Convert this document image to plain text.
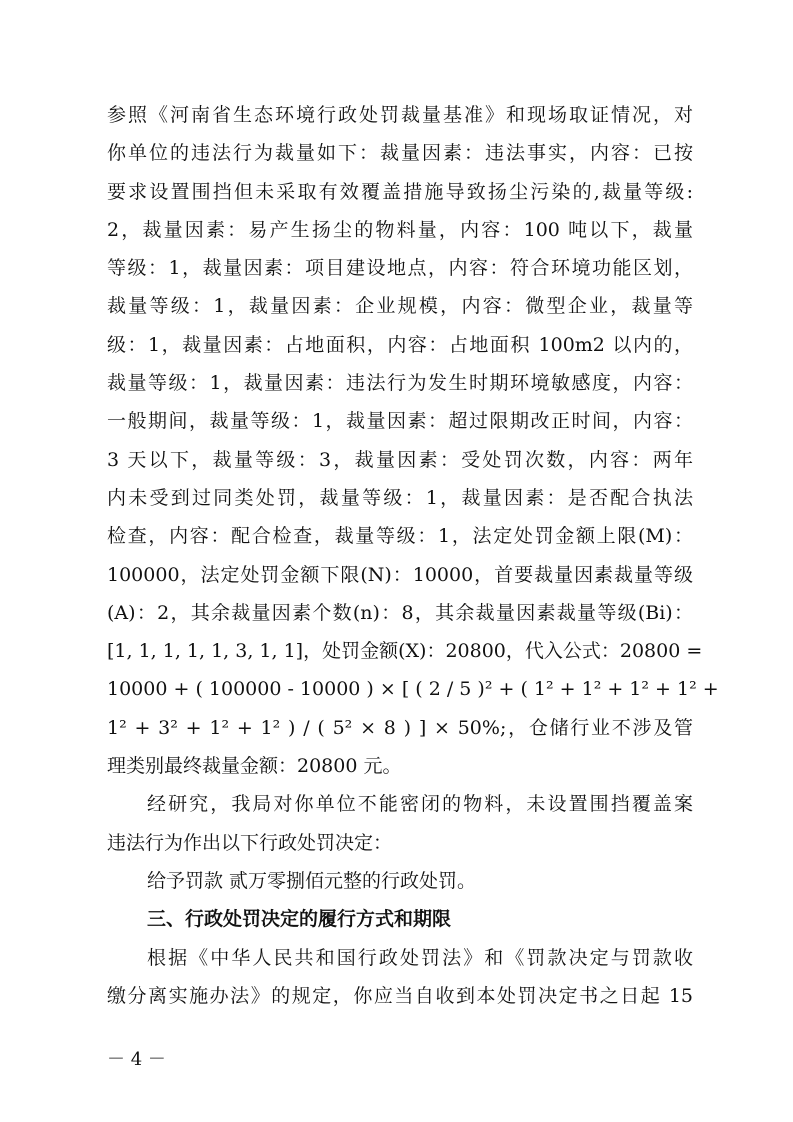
参照《河南省生态环境行政处罚裁量基准》和现场取证情况，对
你单位的违法行为裁量如下：裁量因素：违法事实，内容：已按
要求设置围挡但未采取有效覆盖措施导致扬尘污染的,裁量等级:
2，裁量因素：易产生扬尘的物料量，内容：100 吨以下，裁量
等级：1，裁量因素：项目建设地点，内容：符合环境功能区划，
裁量等级：1，裁量因素：企业规模，内容：微型企业，裁量等
级：1，裁量因素：占地面积，内容：占地面积 100m2 以内的，
裁量等级：1，裁量因素：违法行为发生时期环境敏感度，内容：
一般期间，裁量等级：1，裁量因素：超过限期改正时间，内容：
3 天以下，裁量等级：3，裁量因素：受处罚次数，内容：两年
内未受到过同类处罚，裁量等级：1，裁量因素：是否配合执法
检查，内容：配合检查，裁量等级：1，法定处罚金额上限(M)：
100000，法定处罚金额下限(N)：10000，首要裁量因素裁量等级
(A)：2，其余裁量因素个数(n)：8，其余裁量因素裁量等级(Bi)：
[1, 1, 1, 1, 1, 3, 1, 1]，处罚金额(X)：20800，代入公式：20800 =
10000 + ( 100000 - 10000 ) × [ ( 2 / 5 )² + ( 1² + 1² + 1² + 1² +
1² + 3² + 1² + 1² ) / ( 5² × 8 ) ] × 50%;，仓储行业不涉及管
理类别最终裁量金额：20800 元。
经研究，我局对你单位不能密闭的物料，未设置围挡覆盖案
违法行为作出以下行政处罚决定：
给予罚款 贰万零捌佰元整的行政处罚。
三、行政处罚决定的履行方式和期限
根据《中华人民共和国行政处罚法》和《罚款决定与罚款收
缴分离实施办法》的规定，你应当自收到本处罚决定书之日起 15
－ 4 －
